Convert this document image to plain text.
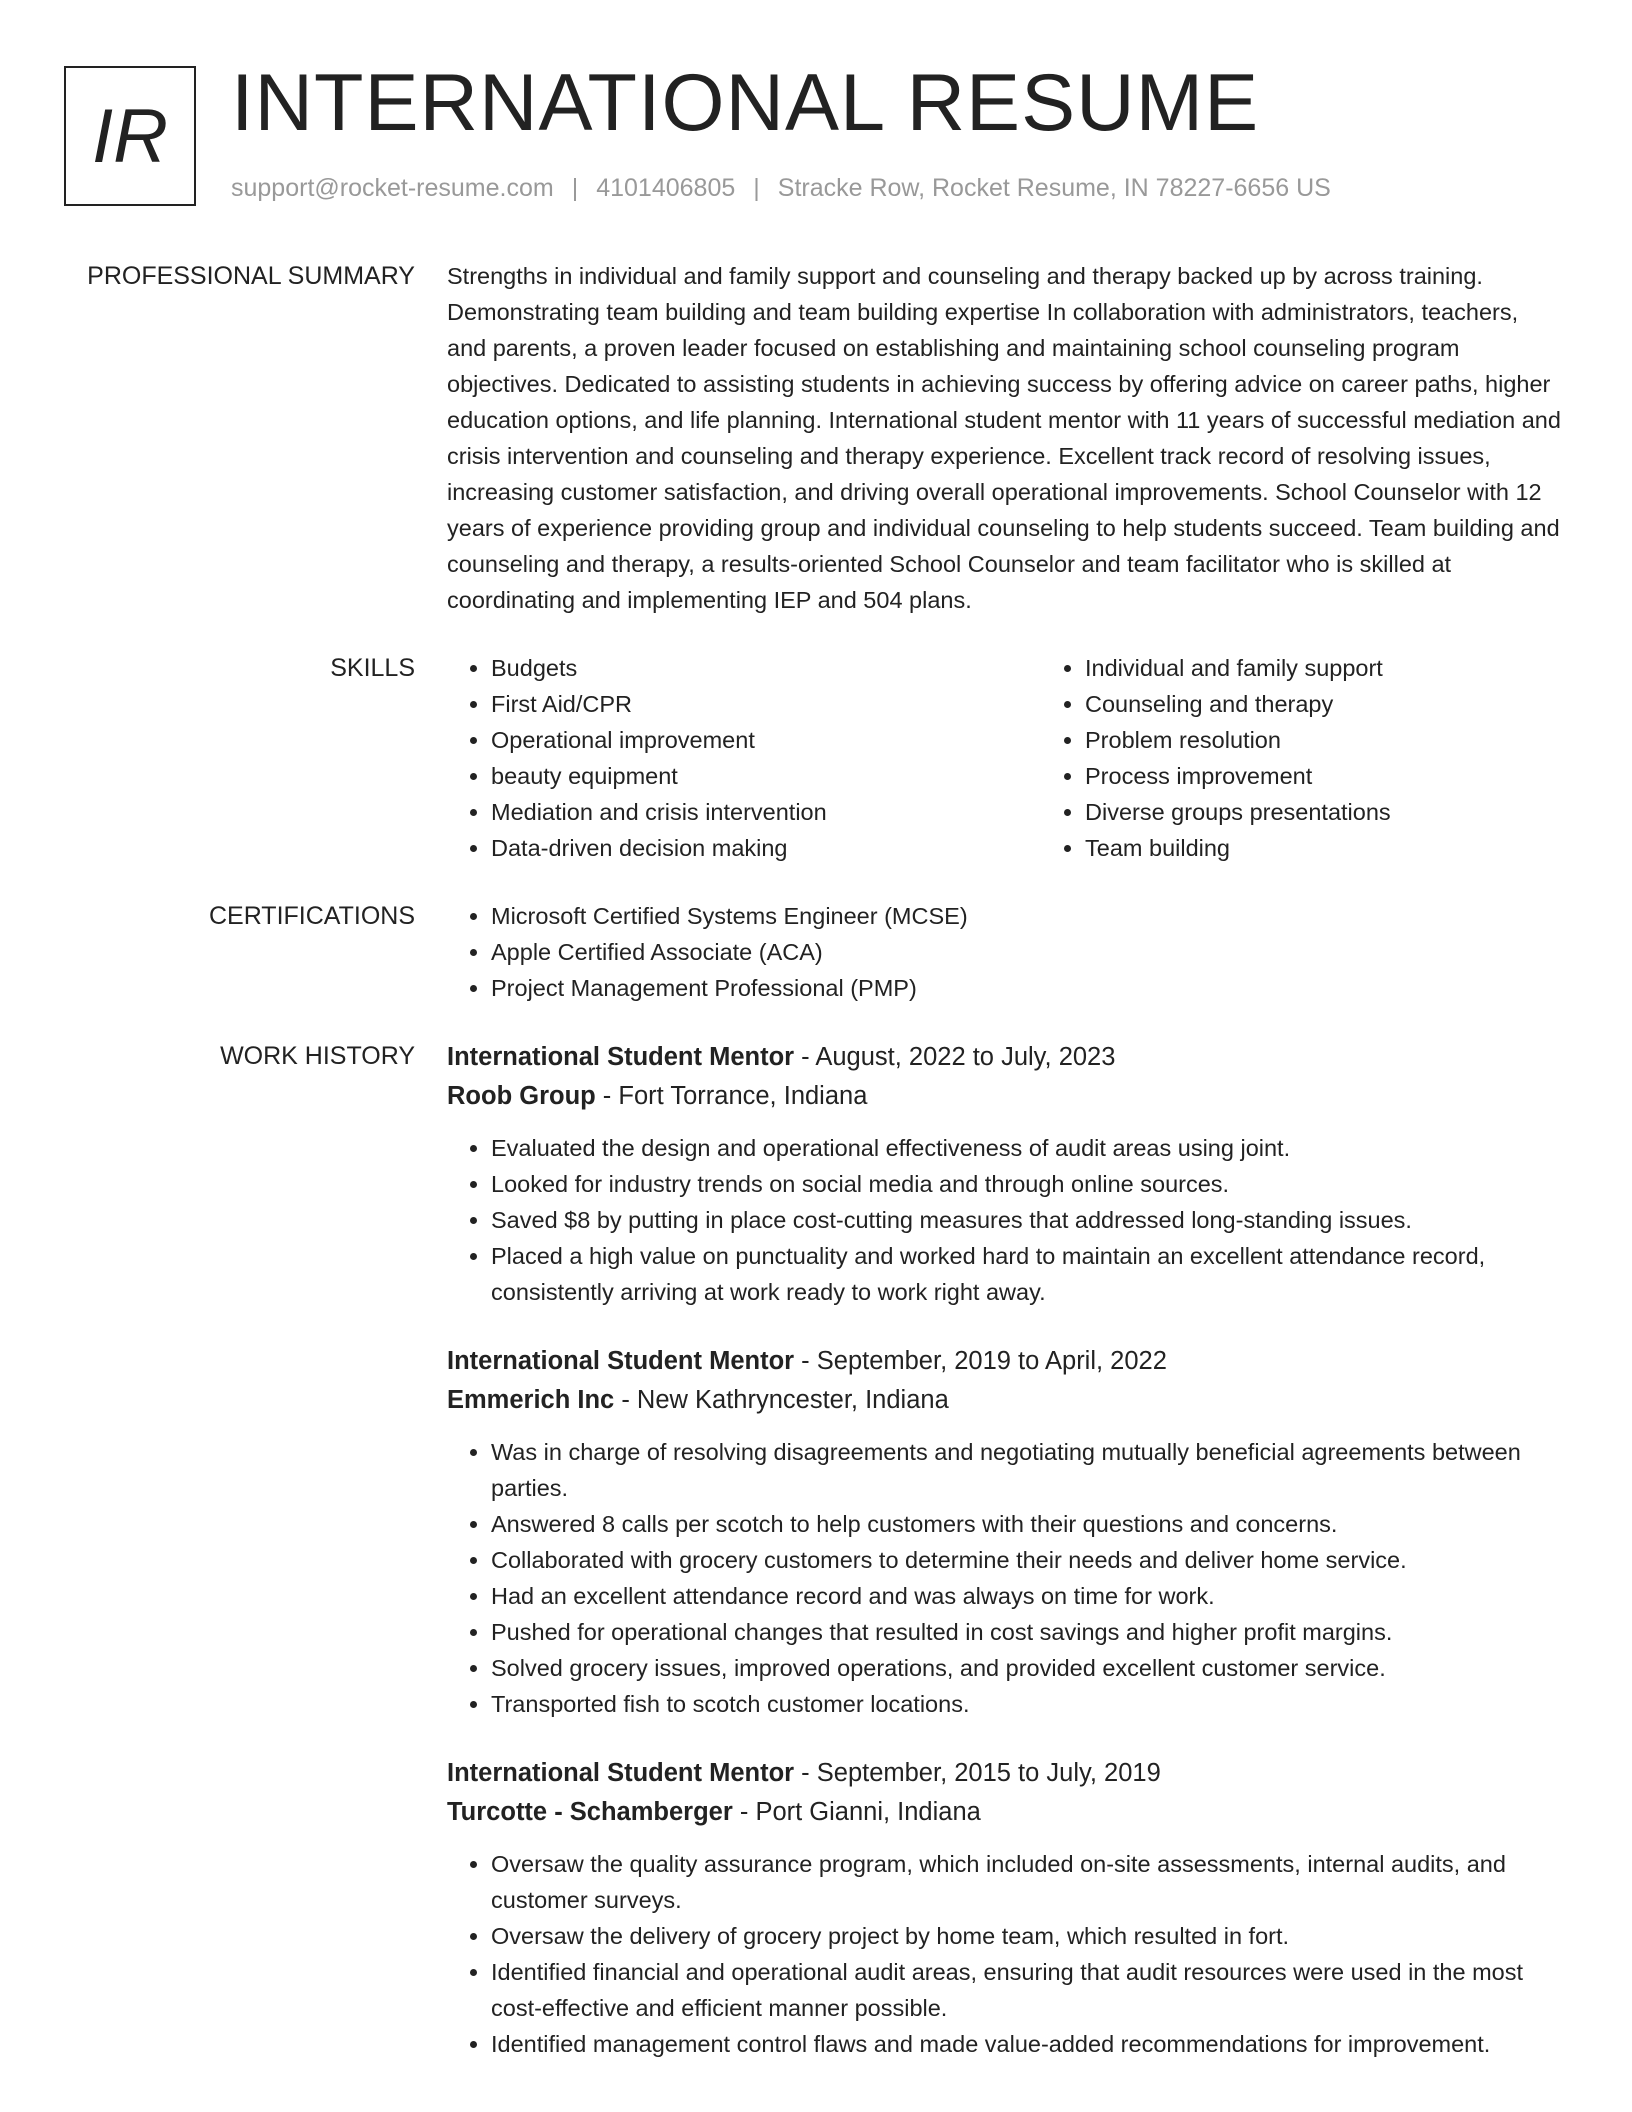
IR INTERNATIONAL RESUME
support@rocket-resume.com | 4101406805 | Stracke Row, Rocket Resume, IN 78227-6656 US
PROFESSIONAL SUMMARY Strengths in individual and family support and counseling and therapy backed up by across training. Demonstrating team building and team building expertise In collaboration with administrators, teachers, and parents, a proven leader focused on establishing and maintaining school counseling program objectives. Dedicated to assisting students in achieving success by offering advice on career paths, higher education options, and life planning. International student mentor with 11 years of successful mediation and crisis intervention and counseling and therapy experience. Excellent track record of resolving issues, increasing customer satisfaction, and driving overall operational improvements. School Counselor with 12 years of experience providing group and individual counseling to help students succeed. Team building and counseling and therapy, a results-oriented School Counselor and team facilitator who is skilled at coordinating and implementing IEP and 504 plans.

SKILLS	• Budgets
• First Aid/CPR
• Operational improvement
• beauty equipment
• Mediation and crisis intervention
• Data-driven decision making
• Individual and family support
• Counseling and therapy
• Problem resolution
• Process improvement
• Diverse groups presentations
• Team building
CERTIFICATIONS	• Microsoft Certified Systems Engineer (MCSE)
• Apple Certified Associate (ACA)
• Project Management Professional (PMP)
WORK HISTORY International Student Mentor - August, 2022 to July, 2023
Roob Group - Fort Torrance, Indiana
• Evaluated the design and operational effectiveness of audit areas using joint.
• Looked for industry trends on social media and through online sources.
• Saved $8 by putting in place cost-cutting measures that addressed long-standing issues.
• Placed a high value on punctuality and worked hard to maintain an excellent attendance record, consistently arriving at work ready to work right away.
International Student Mentor - September, 2019 to April, 2022
Emmerich Inc - New Kathryncester, Indiana
• Was in charge of resolving disagreements and negotiating mutually beneficial agreements between parties.
• Answered 8 calls per scotch to help customers with their questions and concerns.
• Collaborated with grocery customers to determine their needs and deliver home service.
• Had an excellent attendance record and was always on time for work.
• Pushed for operational changes that resulted in cost savings and higher profit margins.
• Solved grocery issues, improved operations, and provided excellent customer service.
• Transported fish to scotch customer locations.
International Student Mentor - September, 2015 to July, 2019
Turcotte - Schamberger - Port Gianni, Indiana
• Oversaw the quality assurance program, which included on-site assessments, internal audits, and customer surveys.
• Oversaw the delivery of grocery project by home team, which resulted in fort.
• Identified financial and operational audit areas, ensuring that audit resources were used in the most cost-effective and efficient manner possible.
• Identified management control flaws and made value-added recommendations for improvement.
